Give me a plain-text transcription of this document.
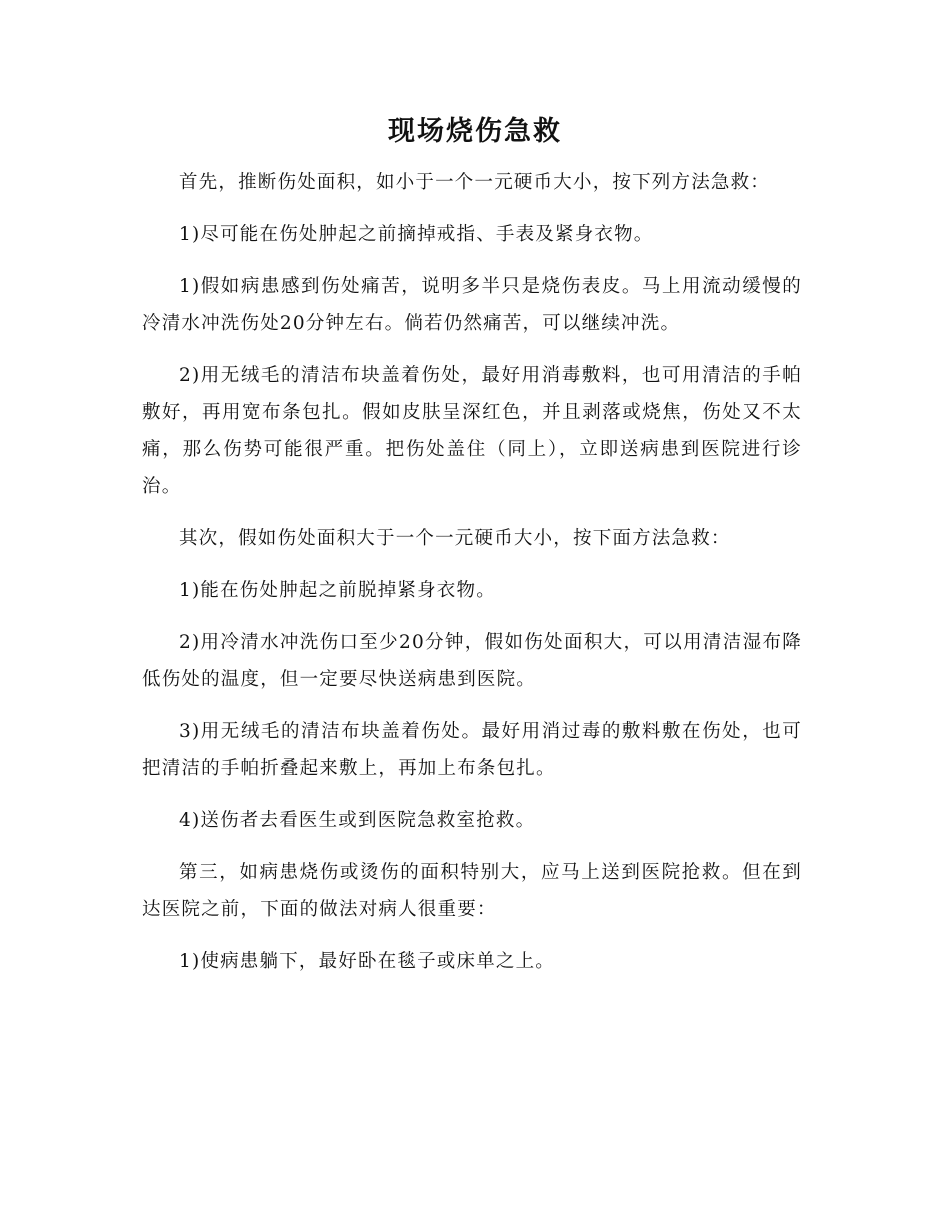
现场烧伤急救

首先，推断伤处面积，如小于一个一元硬币大小，按下列方法急救：

1)尽可能在伤处肿起之前摘掉戒指、手表及紧身衣物。

1)假如病患感到伤处痛苦，说明多半只是烧伤表皮。马上用流动缓慢的冷清水冲洗伤处20分钟左右。倘若仍然痛苦，可以继续冲洗。

2)用无绒毛的清洁布块盖着伤处，最好用消毒敷料，也可用清洁的手帕敷好，再用宽布条包扎。假如皮肤呈深红色，并且剥落或烧焦，伤处又不太痛，那么伤势可能很严重。把伤处盖住（同上），立即送病患到医院进行诊治。

其次，假如伤处面积大于一个一元硬币大小，按下面方法急救：

1)能在伤处肿起之前脱掉紧身衣物。

2)用冷清水冲洗伤口至少20分钟，假如伤处面积大，可以用清洁湿布降低伤处的温度，但一定要尽快送病患到医院。

3)用无绒毛的清洁布块盖着伤处。最好用消过毒的敷料敷在伤处，也可把清洁的手帕折叠起来敷上，再加上布条包扎。

4)送伤者去看医生或到医院急救室抢救。

第三，如病患烧伤或烫伤的面积特别大，应马上送到医院抢救。但在到达医院之前，下面的做法对病人很重要：

1)使病患躺下，最好卧在毯子或床单之上。
